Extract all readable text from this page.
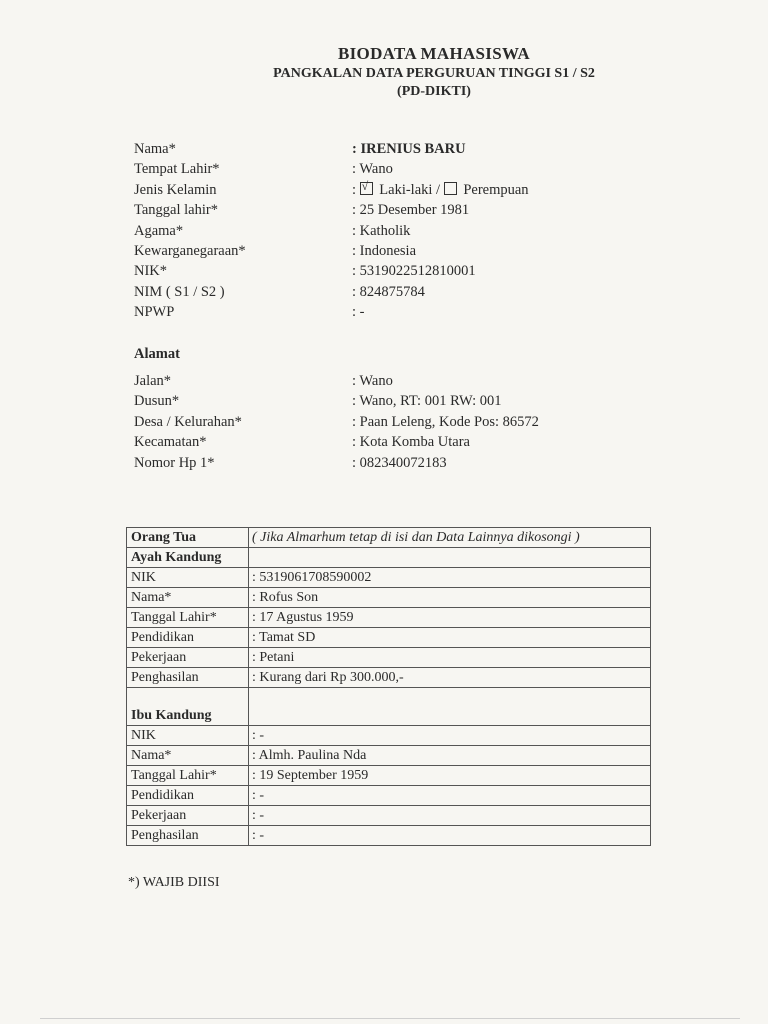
BIODATA MAHASISWA
PANGKALAN DATA PERGURUAN TINGGI S1 / S2
(PD-DIKTI)
Nama*	: IRENIUS BARU
Tempat Lahir*	: Wano
Jenis Kelamin	: √ Laki-laki / Perempuan
Tanggal lahir*	: 25 Desember 1981
Agama*	: Katholik
Kewarganegaraan*	: Indonesia
NIK*	: 5319022512810001
NIM ( S1 / S2 )	: 824875784
NPWP	: -
Alamat
Jalan*	: Wano
Dusun*	: Wano, RT: 001 RW: 001
Desa / Kelurahan*	: Paan Leleng, Kode Pos: 86572
Kecamatan*	: Kota Komba Utara
Nomor Hp 1*	: 082340072183
Orang Tua	( Jika Almarhum tetap di isi dan Data Lainnya dikosongi )
Ayah Kandung	
NIK	: 5319061708590002
Nama*	: Rofus Son
Tanggal Lahir*	: 17 Agustus 1959
Pendidikan	: Tamat SD
Pekerjaan	: Petani
Penghasilan	: Kurang dari Rp 300.000,-
Ibu Kandung	
NIK	: -
Nama*	: Almh. Paulina Nda
Tanggal Lahir*	: 19 September 1959
Pendidikan	: -
Pekerjaan	: -
Penghasilan	: -
*) WAJIB DIISI
